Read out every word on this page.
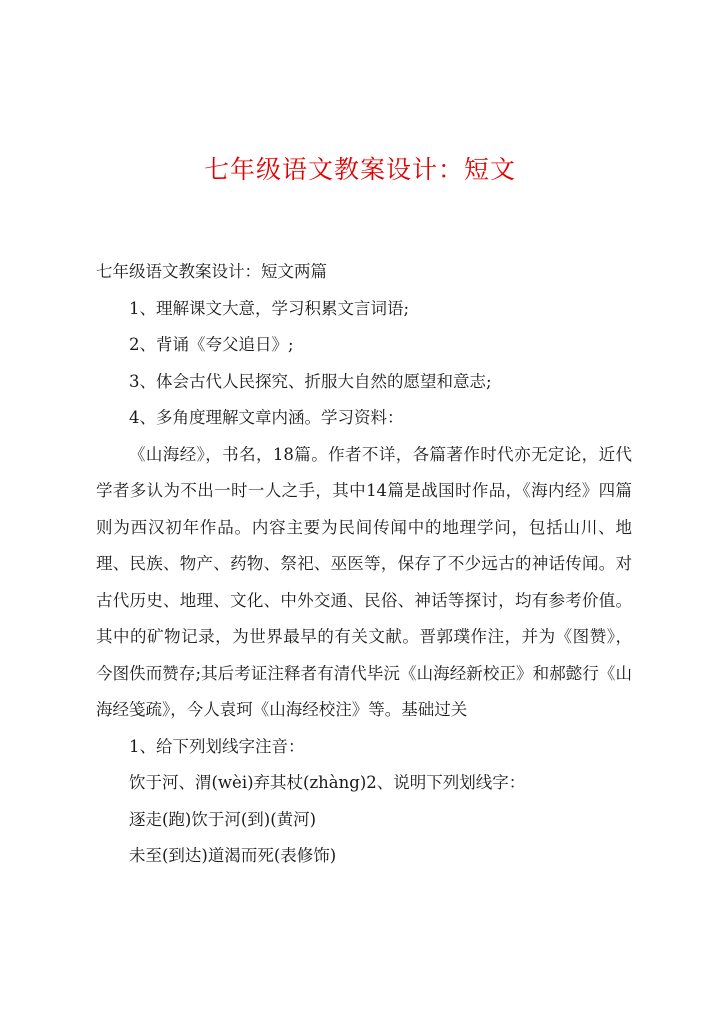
七年级语文教案设计：短文

七年级语文教案设计：短文两篇

1、理解课文大意，学习积累文言词语;

2、背诵《夸父追日》;

3、体会古代人民探究、折服大自然的愿望和意志;

4、多角度理解文章内涵。学习资料：

《山海经》，书名，18篇。作者不详，各篇著作时代亦无定论，近代学者多认为不出一时一人之手，其中14篇是战国时作品，《海内经》四篇则为西汉初年作品。内容主要为民间传闻中的地理学问，包括山川、地理、民族、物产、药物、祭祀、巫医等，保存了不少远古的神话传闻。对古代历史、地理、文化、中外交通、民俗、神话等探讨，均有参考价值。其中的矿物记录，为世界最早的有关文献。晋郭璞作注，并为《图赞》，今图佚而赞存;其后考证注释者有清代毕沅《山海经新校正》和郝懿行《山海经笺疏》，今人袁珂《山海经校注》等。基础过关

1、给下列划线字注音：

饮于河、渭(wèi)弃其杖(zhàng)2、说明下列划线字：

逐走(跑)饮于河(到)(黄河)

未至(到达)道渴而死(表修饰)
